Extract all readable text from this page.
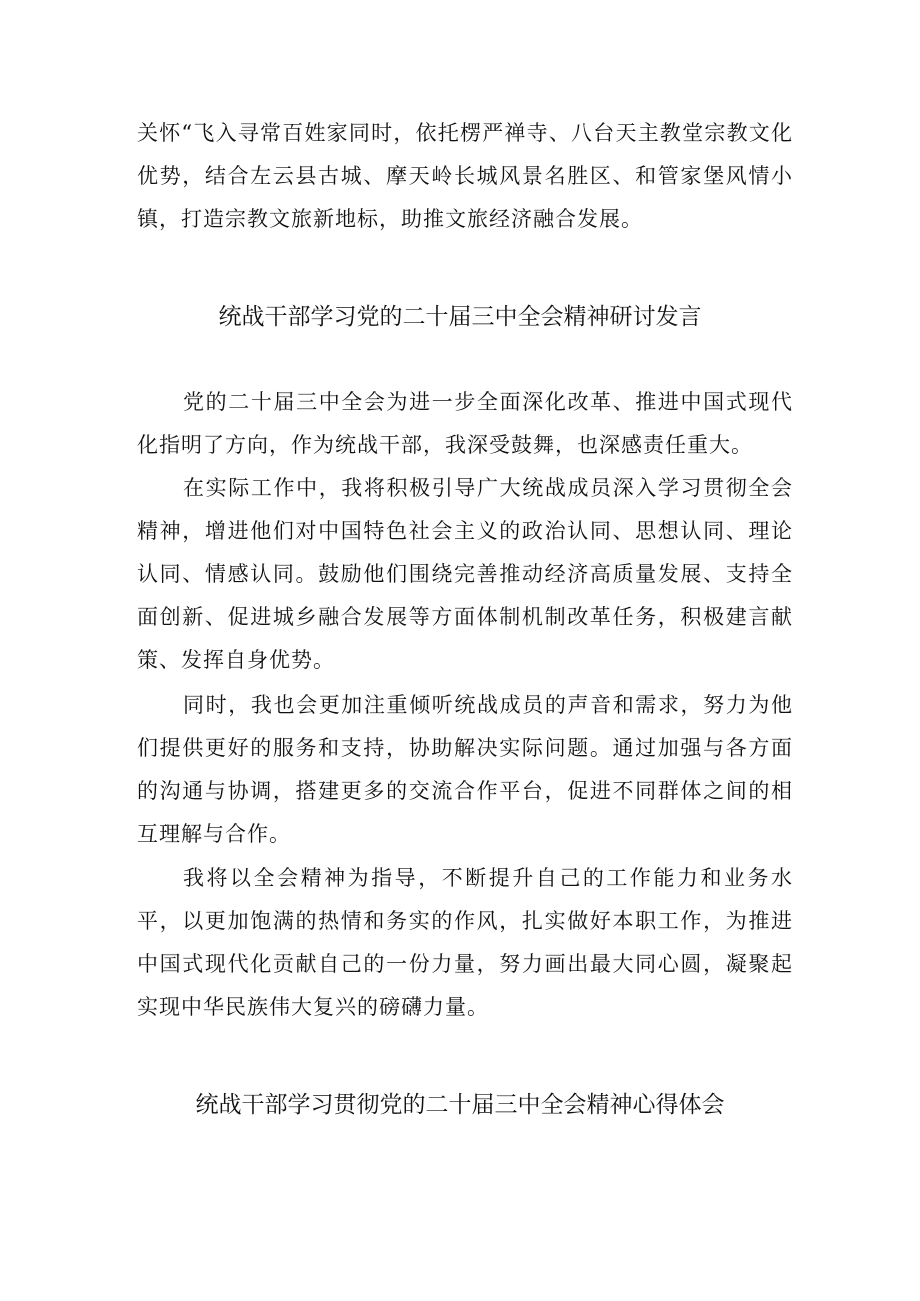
关怀“飞入寻常百姓家同时，依托楞严禅寺、八台天主教堂宗教文化优势，结合左云县古城、摩天岭长城风景名胜区、和管家堡风情小镇，打造宗教文旅新地标，助推文旅经济融合发展。

统战干部学习党的二十届三中全会精神研讨发言

党的二十届三中全会为进一步全面深化改革、推进中国式现代化指明了方向，作为统战干部，我深受鼓舞，也深感责任重大。

在实际工作中，我将积极引导广大统战成员深入学习贯彻全会精神，增进他们对中国特色社会主义的政治认同、思想认同、理论认同、情感认同。鼓励他们围绕完善推动经济高质量发展、支持全面创新、促进城乡融合发展等方面体制机制改革任务，积极建言献策、发挥自身优势。

同时，我也会更加注重倾听统战成员的声音和需求，努力为他们提供更好的服务和支持，协助解决实际问题。通过加强与各方面的沟通与协调，搭建更多的交流合作平台，促进不同群体之间的相互理解与合作。

我将以全会精神为指导，不断提升自己的工作能力和业务水平，以更加饱满的热情和务实的作风，扎实做好本职工作，为推进中国式现代化贡献自己的一份力量，努力画出最大同心圆，凝聚起实现中华民族伟大复兴的磅礴力量。

统战干部学习贯彻党的二十届三中全会精神心得体会
